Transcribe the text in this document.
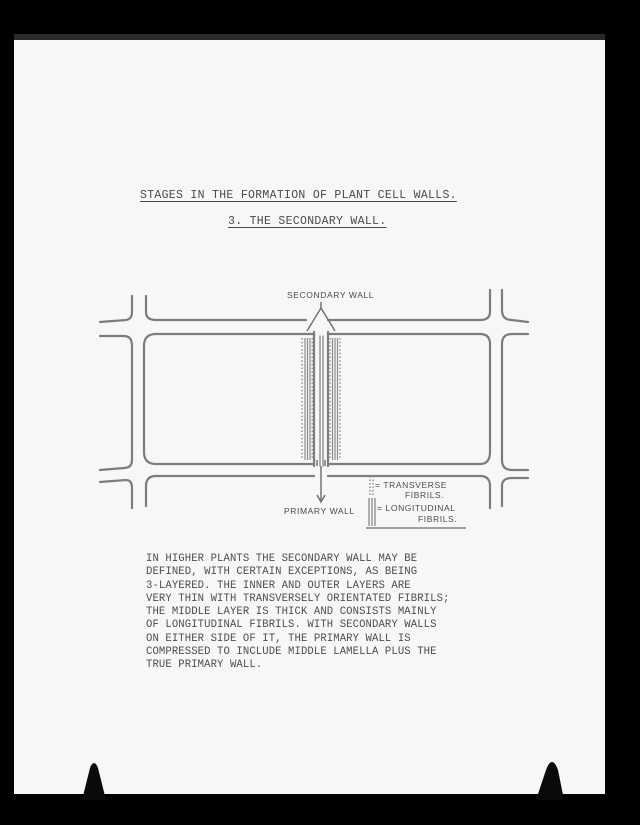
STAGES IN THE FORMATION OF PLANT CELL WALLS.
3. THE SECONDARY WALL.
SECONDARY WALL
PRIMARY WALL
= TRANSVERSE
FIBRILS.
= LONGITUDINAL
FIBRILS.
IN HIGHER PLANTS THE SECONDARY WALL MAY BE
DEFINED, WITH CERTAIN EXCEPTIONS, AS BEING
3-LAYERED. THE INNER AND OUTER LAYERS ARE
VERY THIN WITH TRANSVERSELY ORIENTATED FIBRILS;
THE MIDDLE LAYER IS THICK AND CONSISTS MAINLY
OF LONGITUDINAL FIBRILS. WITH SECONDARY WALLS
ON EITHER SIDE OF IT, THE PRIMARY WALL IS
COMPRESSED TO INCLUDE MIDDLE LAMELLA PLUS THE
TRUE PRIMARY WALL.
